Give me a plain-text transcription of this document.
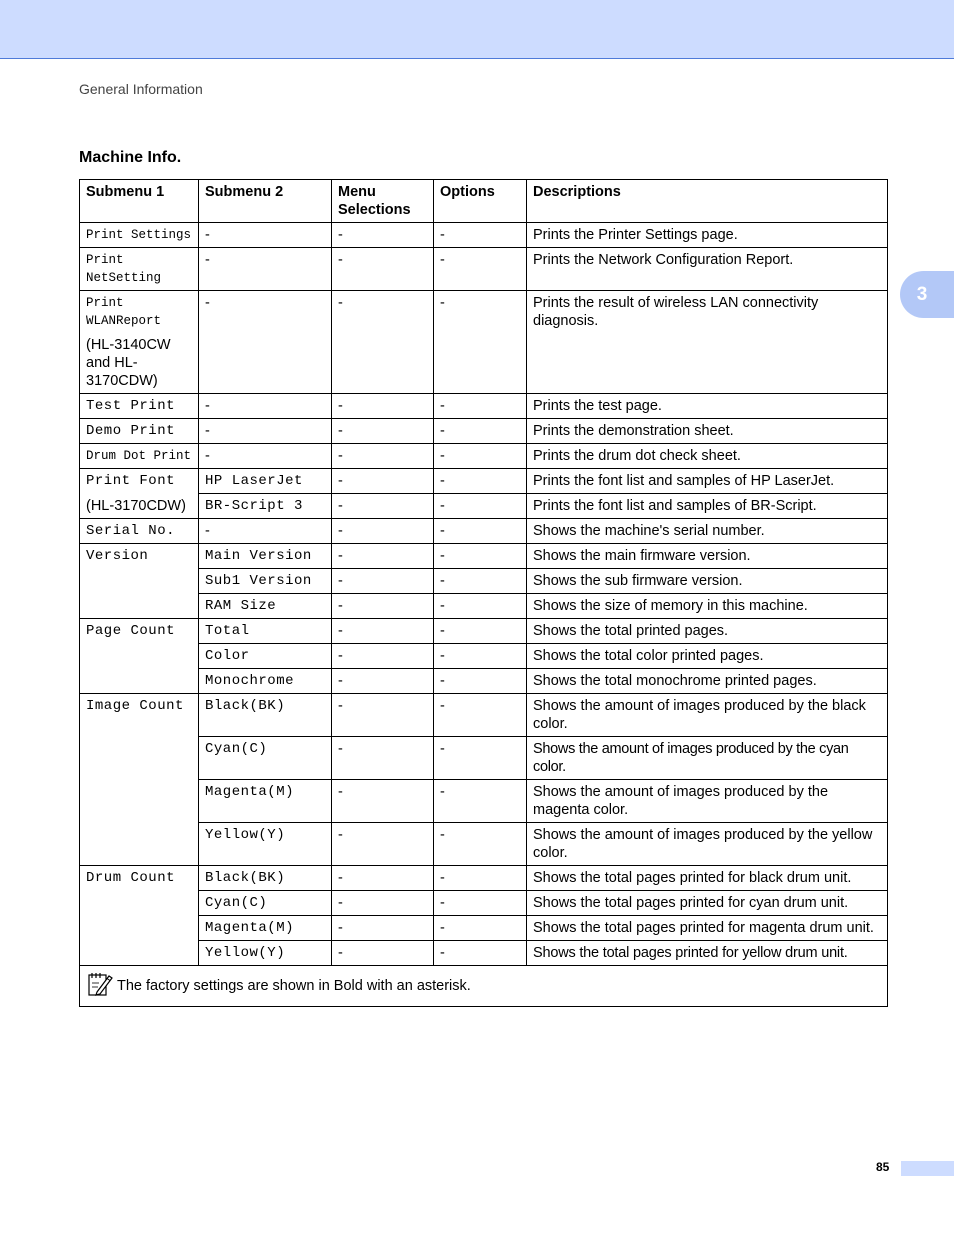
General Information
3
Machine Info.
Submenu 1	Submenu 2	Menu Selections	Options	Descriptions
Print Settings	-	-	-	Prints the Printer Settings page.
Print NetSetting	-	-	-	Prints the Network Configuration Report.

Print WLANReport
(HL-3140CW and HL-3170CDW)	-	-	-	Prints the result of wireless LAN connectivity diagnosis.
Test Print	-	-	-	Prints the test page.
Demo Print	-	-	-	Prints the demonstration sheet.
Drum Dot Print	-	-	-	Prints the drum dot check sheet.
Print Font	HP LaserJet	-	-	Prints the font list and samples of HP LaserJet.
(HL-3170CDW)	BR-Script 3	-	-	Prints the font list and samples of BR-Script.
Serial No.	-	-	-	Shows the machine's serial number.
Version	Main Version	-	-	Shows the main firmware version.
	Sub1 Version	-	-	Shows the sub firmware version.
	RAM Size	-	-	Shows the size of memory in this machine.
Page Count	Total	-	-	Shows the total printed pages.
	Color	-	-	Shows the total color printed pages.
	Monochrome	-	-	Shows the total monochrome printed pages.
Image Count	Black(BK)	-	-	Shows the amount of images produced by the black color.
	Cyan(C)	-	-	Shows the amount of images produced by the cyan color.
	Magenta(M)	-	-	Shows the amount of images produced by the magenta color.
	Yellow(Y)	-	-	Shows the amount of images produced by the yellow color.
Drum Count	Black(BK)	-	-	Shows the total pages printed for black drum unit.
	Cyan(C)	-	-	Shows the total pages printed for cyan drum unit.
	Magenta(M)	-	-	Shows the total pages printed for magenta drum unit.
	Yellow(Y)	-	-	Shows the total pages printed for yellow drum unit.
The factory settings are shown in Bold with an asterisk.				
85
